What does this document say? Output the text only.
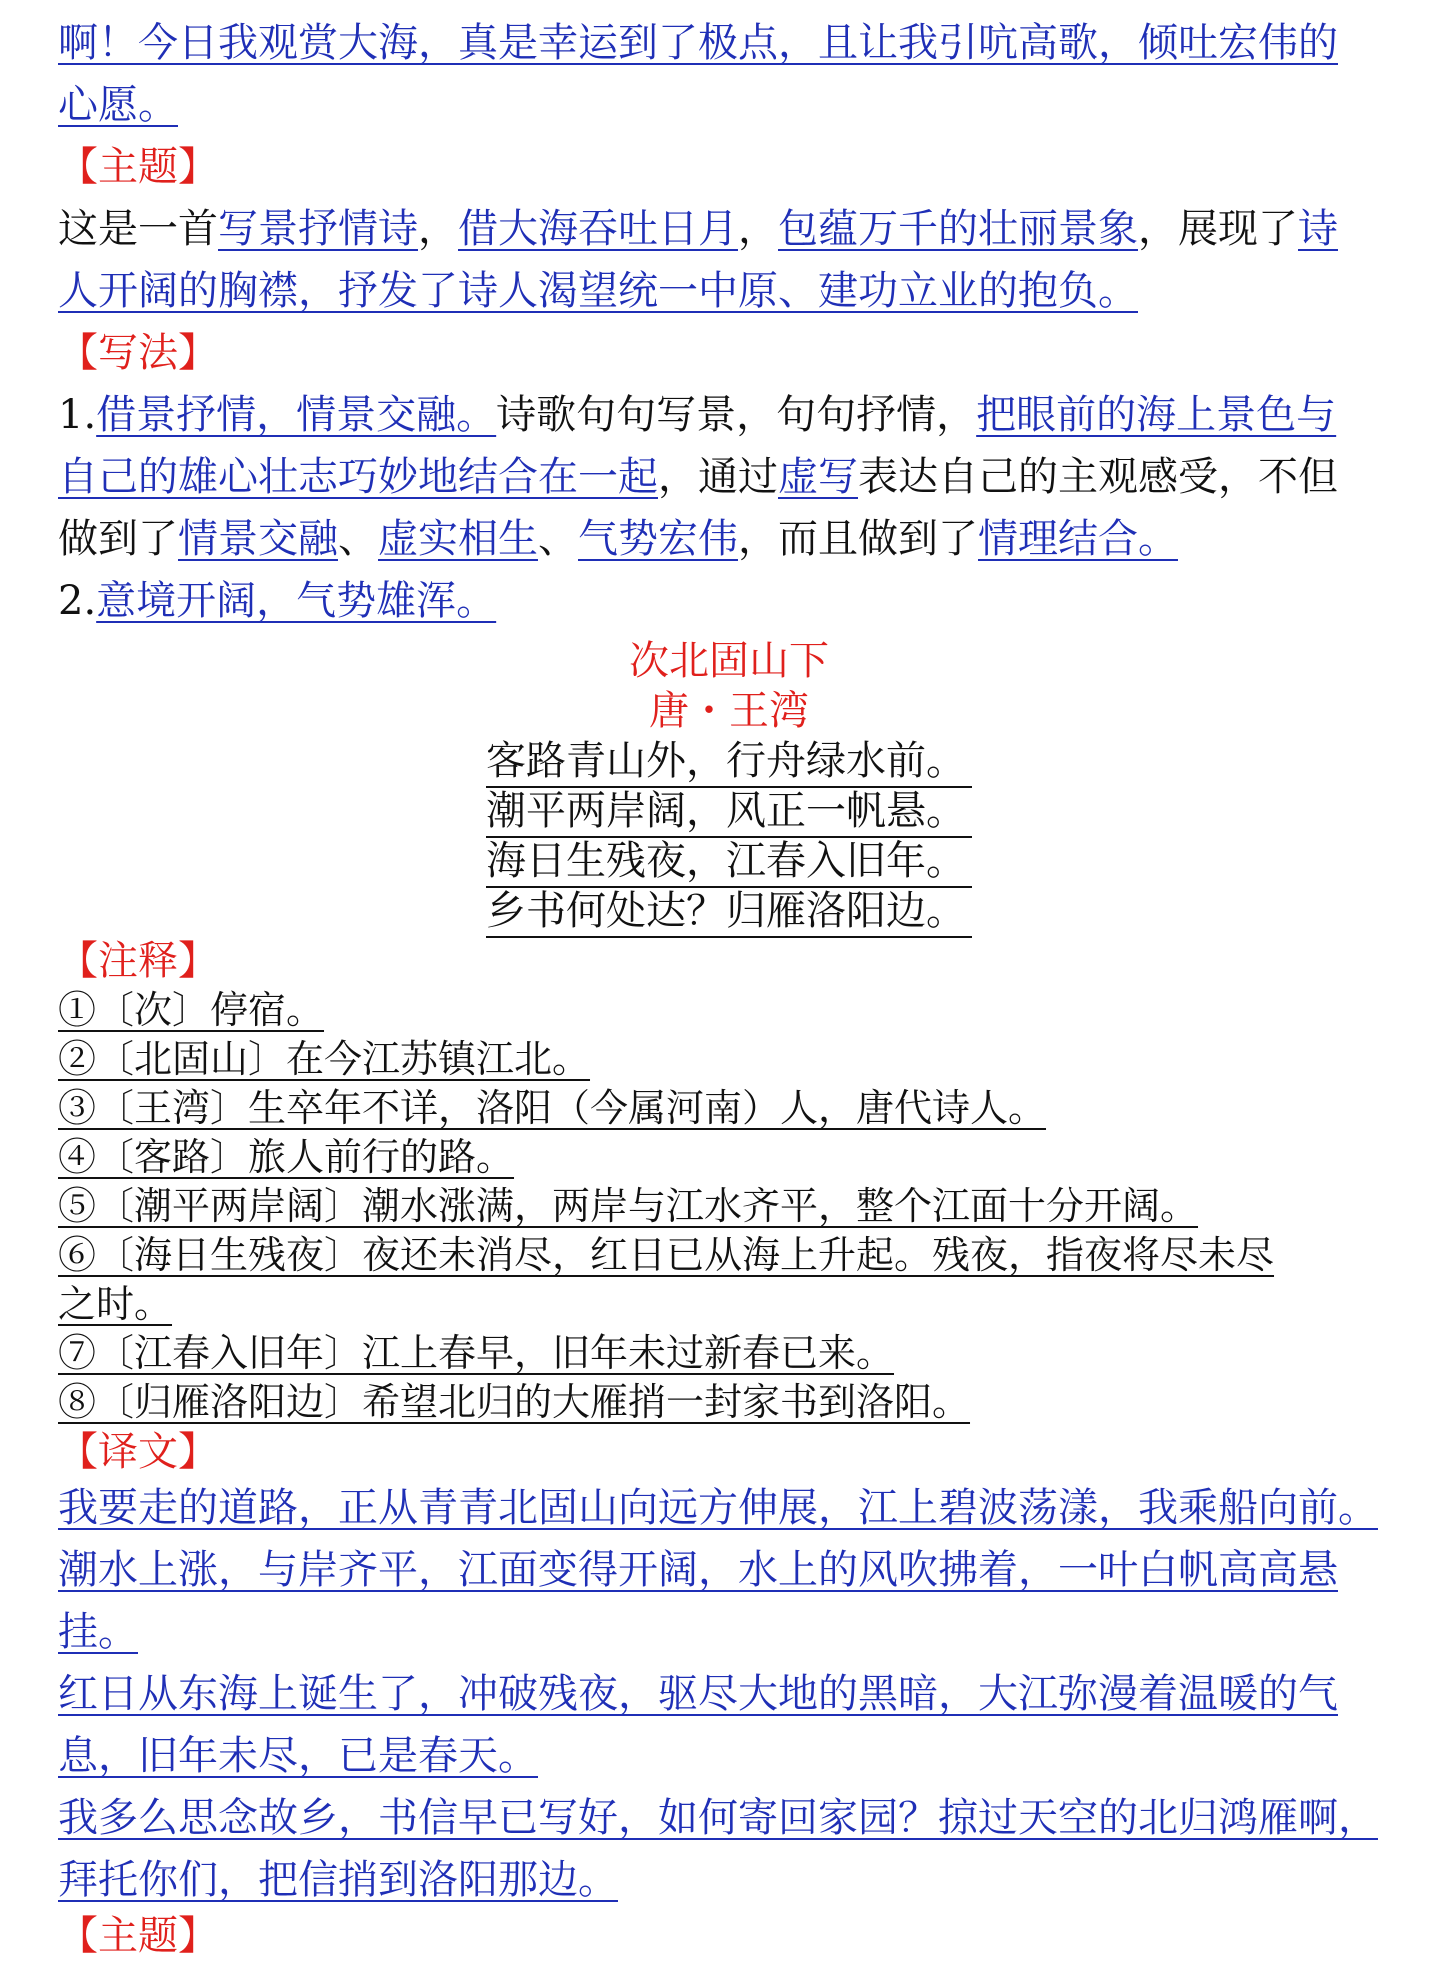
啊！今日我观赏大海，真是幸运到了极点，且让我引吭高歌，倾吐宏伟的
心愿。
【主题】
这是一首写景抒情诗，借大海吞吐日月，包蕴万千的壮丽景象，展现了诗
人开阔的胸襟，抒发了诗人渴望统一中原、建功立业的抱负。
【写法】
1.借景抒情，情景交融。诗歌句句写景，句句抒情，把眼前的海上景色与
自己的雄心壮志巧妙地结合在一起，通过虚写表达自己的主观感受，不但
做到了情景交融、虚实相生、气势宏伟，而且做到了情理结合。
2.意境开阔，气势雄浑。
次北固山下
唐・王湾
客路青山外，行舟绿水前。
潮平两岸阔，风正一帆悬。
海日生残夜，江春入旧年。
乡书何处达？归雁洛阳边。
【注释】
①〔次〕停宿。
②〔北固山〕在今江苏镇江北。
③〔王湾〕生卒年不详，洛阳（今属河南）人，唐代诗人。
④〔客路〕旅人前行的路。
⑤〔潮平两岸阔〕潮水涨满，两岸与江水齐平，整个江面十分开阔。
⑥〔海日生残夜〕夜还未消尽，红日已从海上升起。残夜，指夜将尽未尽
之时。
⑦〔江春入旧年〕江上春早，旧年未过新春已来。
⑧〔归雁洛阳边〕希望北归的大雁捎一封家书到洛阳。
【译文】
我要走的道路，正从青青北固山向远方伸展，江上碧波荡漾，我乘船向前。
潮水上涨，与岸齐平，江面变得开阔，水上的风吹拂着，一叶白帆高高悬
挂。
红日从东海上诞生了，冲破残夜，驱尽大地的黑暗，大江弥漫着温暖的气
息，旧年未尽，已是春天。
我多么思念故乡，书信早已写好，如何寄回家园？掠过天空的北归鸿雁啊，
拜托你们，把信捎到洛阳那边。
【主题】
